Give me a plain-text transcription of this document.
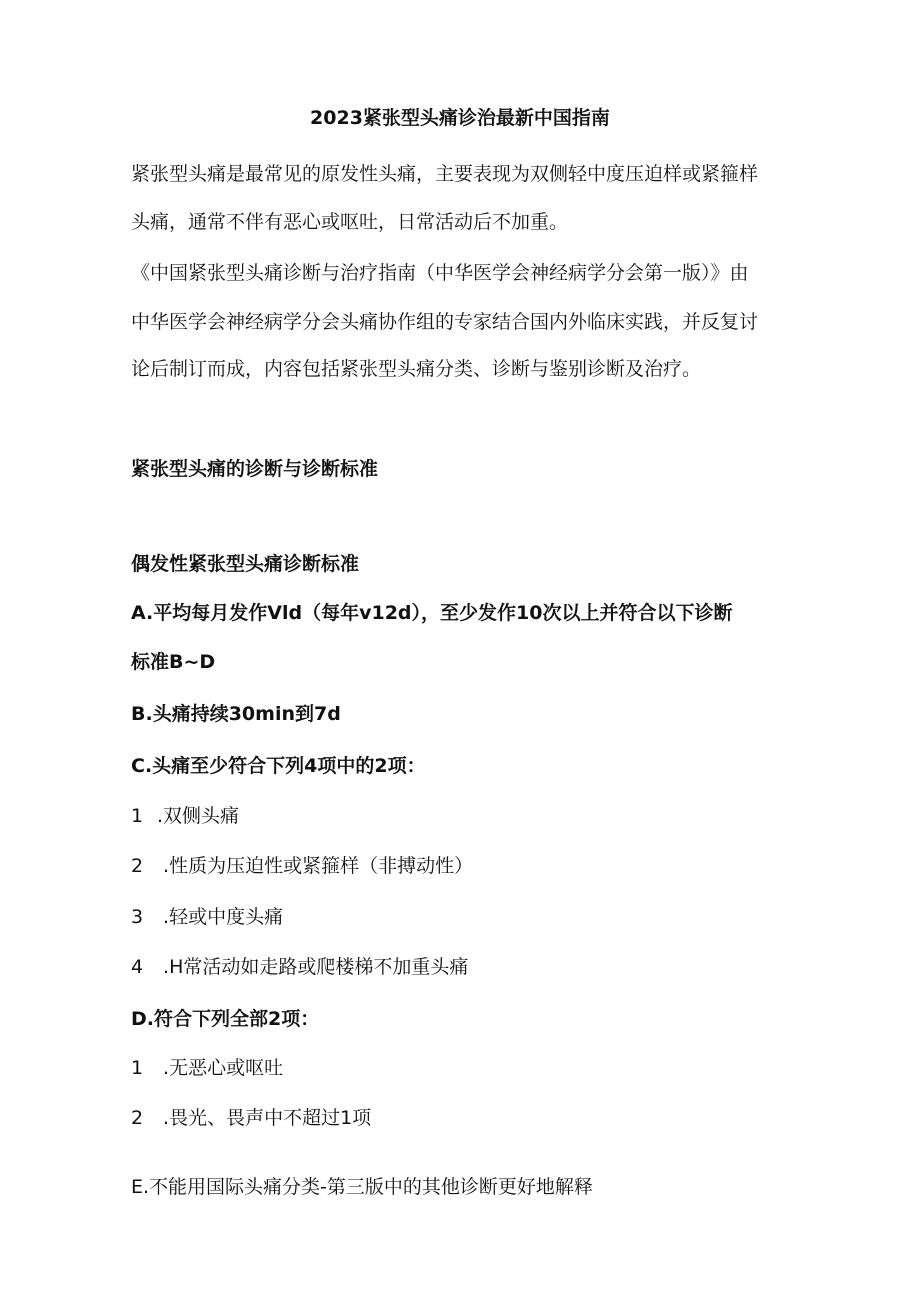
2023紧张型头痛诊治最新中国指南
紧张型头痛是最常见的原发性头痛，主要表现为双侧轻中度压迫样或紧箍样
头痛，通常不伴有恶心或呕吐，日常活动后不加重。
《中国紧张型头痛诊断与治疗指南（中华医学会神经病学分会第一版）》由
中华医学会神经病学分会头痛协作组的专家结合国内外临床实践，并反复讨
论后制订而成，内容包括紧张型头痛分类、诊断与鉴别诊断及治疗。
紧张型头痛的诊断与诊断标准
偶发性紧张型头痛诊断标准
A.平均每月发作Vld（每年v12d），至少发作10次以上并符合以下诊断
标准B~D
B.头痛持续30min到7d
C.头痛至少符合下列4项中的2项：
1 .双侧头痛
2 .性质为压迫性或紧箍样（非搏动性）
3 .轻或中度头痛
4 .H常活动如走路或爬楼梯不加重头痛
D.符合下列全部2项：
1 .无恶心或呕吐
2 .畏光、畏声中不超过1项
E.不能用国际头痛分类-第三版中的其他诊断更好地解释
